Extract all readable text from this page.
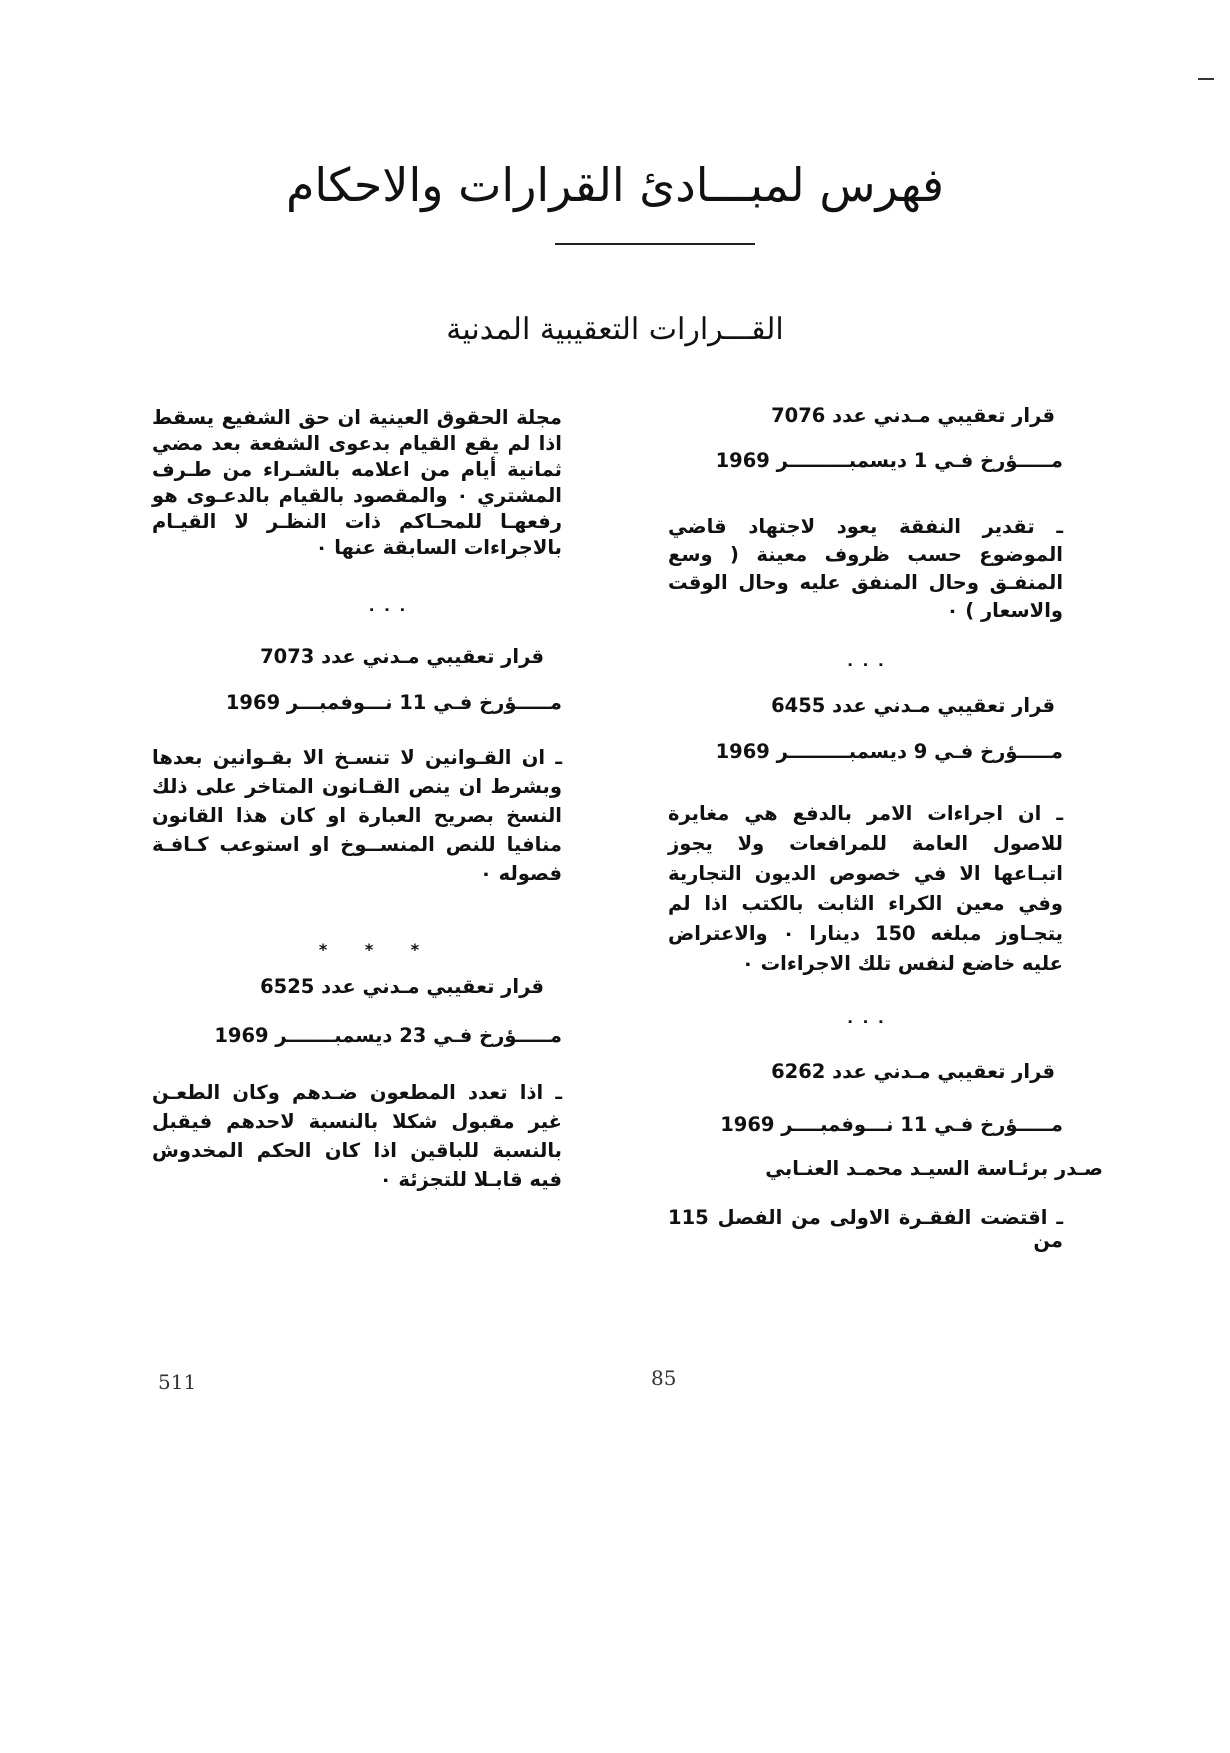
فهرس لمبـــادئ القرارات والاحكام
القـــرارات التعقيبية المدنية
قرار تعقيبي مـدني عدد 7076
مـــــؤرخ فـي 1 ديسمبـــــــــر 1969
ـ تقدير النفقة يعود لاجتهاد قاضي الموضوع حسب ظروف معينة ( وسع المنفـق وحال المنفق عليه وحال الوقت والاسعار ) ٠
٠ ٠ ٠
قرار تعقيبي مـدني عدد 6455
مـــــؤرخ فـي 9 ديسمبـــــــــر 1969
ـ ان اجراءات الامر بالدفع هي مغايرة للاصول العامة للمرافعات ولا يجوز اتبـاعها الا في خصوص الديون التجارية وفي معين الكراء الثابت بالكتب اذا لم يتجـاوز مبلغه 150 دينارا ٠ والاعتراض عليه خاضع لنفس تلك الاجراءات ٠
٠ ٠ ٠
قرار تعقيبي مـدني عدد 6262
مـــــؤرخ فـي 11 نـــوفمبــــر 1969
صـدر برئـاسة السيـد محمـد العنـابي
ـ اقتضت الفقـرة الاولى من الفصل 115 من
مجلة الحقوق العينية ان حق الشفيع يسقط اذا لم يقع القيام بدعوى الشفعة بعد مضي ثمانية أيام من اعلامه بالشـراء من طـرف المشتري ٠ والمقصود بالقيام بالدعـوى هو رفعهـا للمحـاكم ذات النظـر لا القيـام بالاجراءات السابقة عنها ٠
٠ ٠ ٠
قرار تعقيبي مـدني عدد 7073
مـــــؤرخ فـي 11 نـــوفمبـــر 1969
ـ ان القـوانين لا تنسـخ الا بقـوانين بعدها وبشرط ان ينص القـانون المتاخر على ذلك النسخ بصريح العبارة او كان هذا القانون منافيا للنص المنســوخ او استوعب كـافـة فصوله ٠
* * *
قرار تعقيبي مـدني عدد 6525
مـــــؤرخ فـي 23 ديسمبـــــــر 1969
ـ اذا تعدد المطعون ضـدهم وكان الطعـن غير مقبول شكلا بالنسبة لاحدهم فيقبل بالنسبة للباقين اذا كان الحكم المخدوش فيه قابـلا للتجزئة ٠
511	85
